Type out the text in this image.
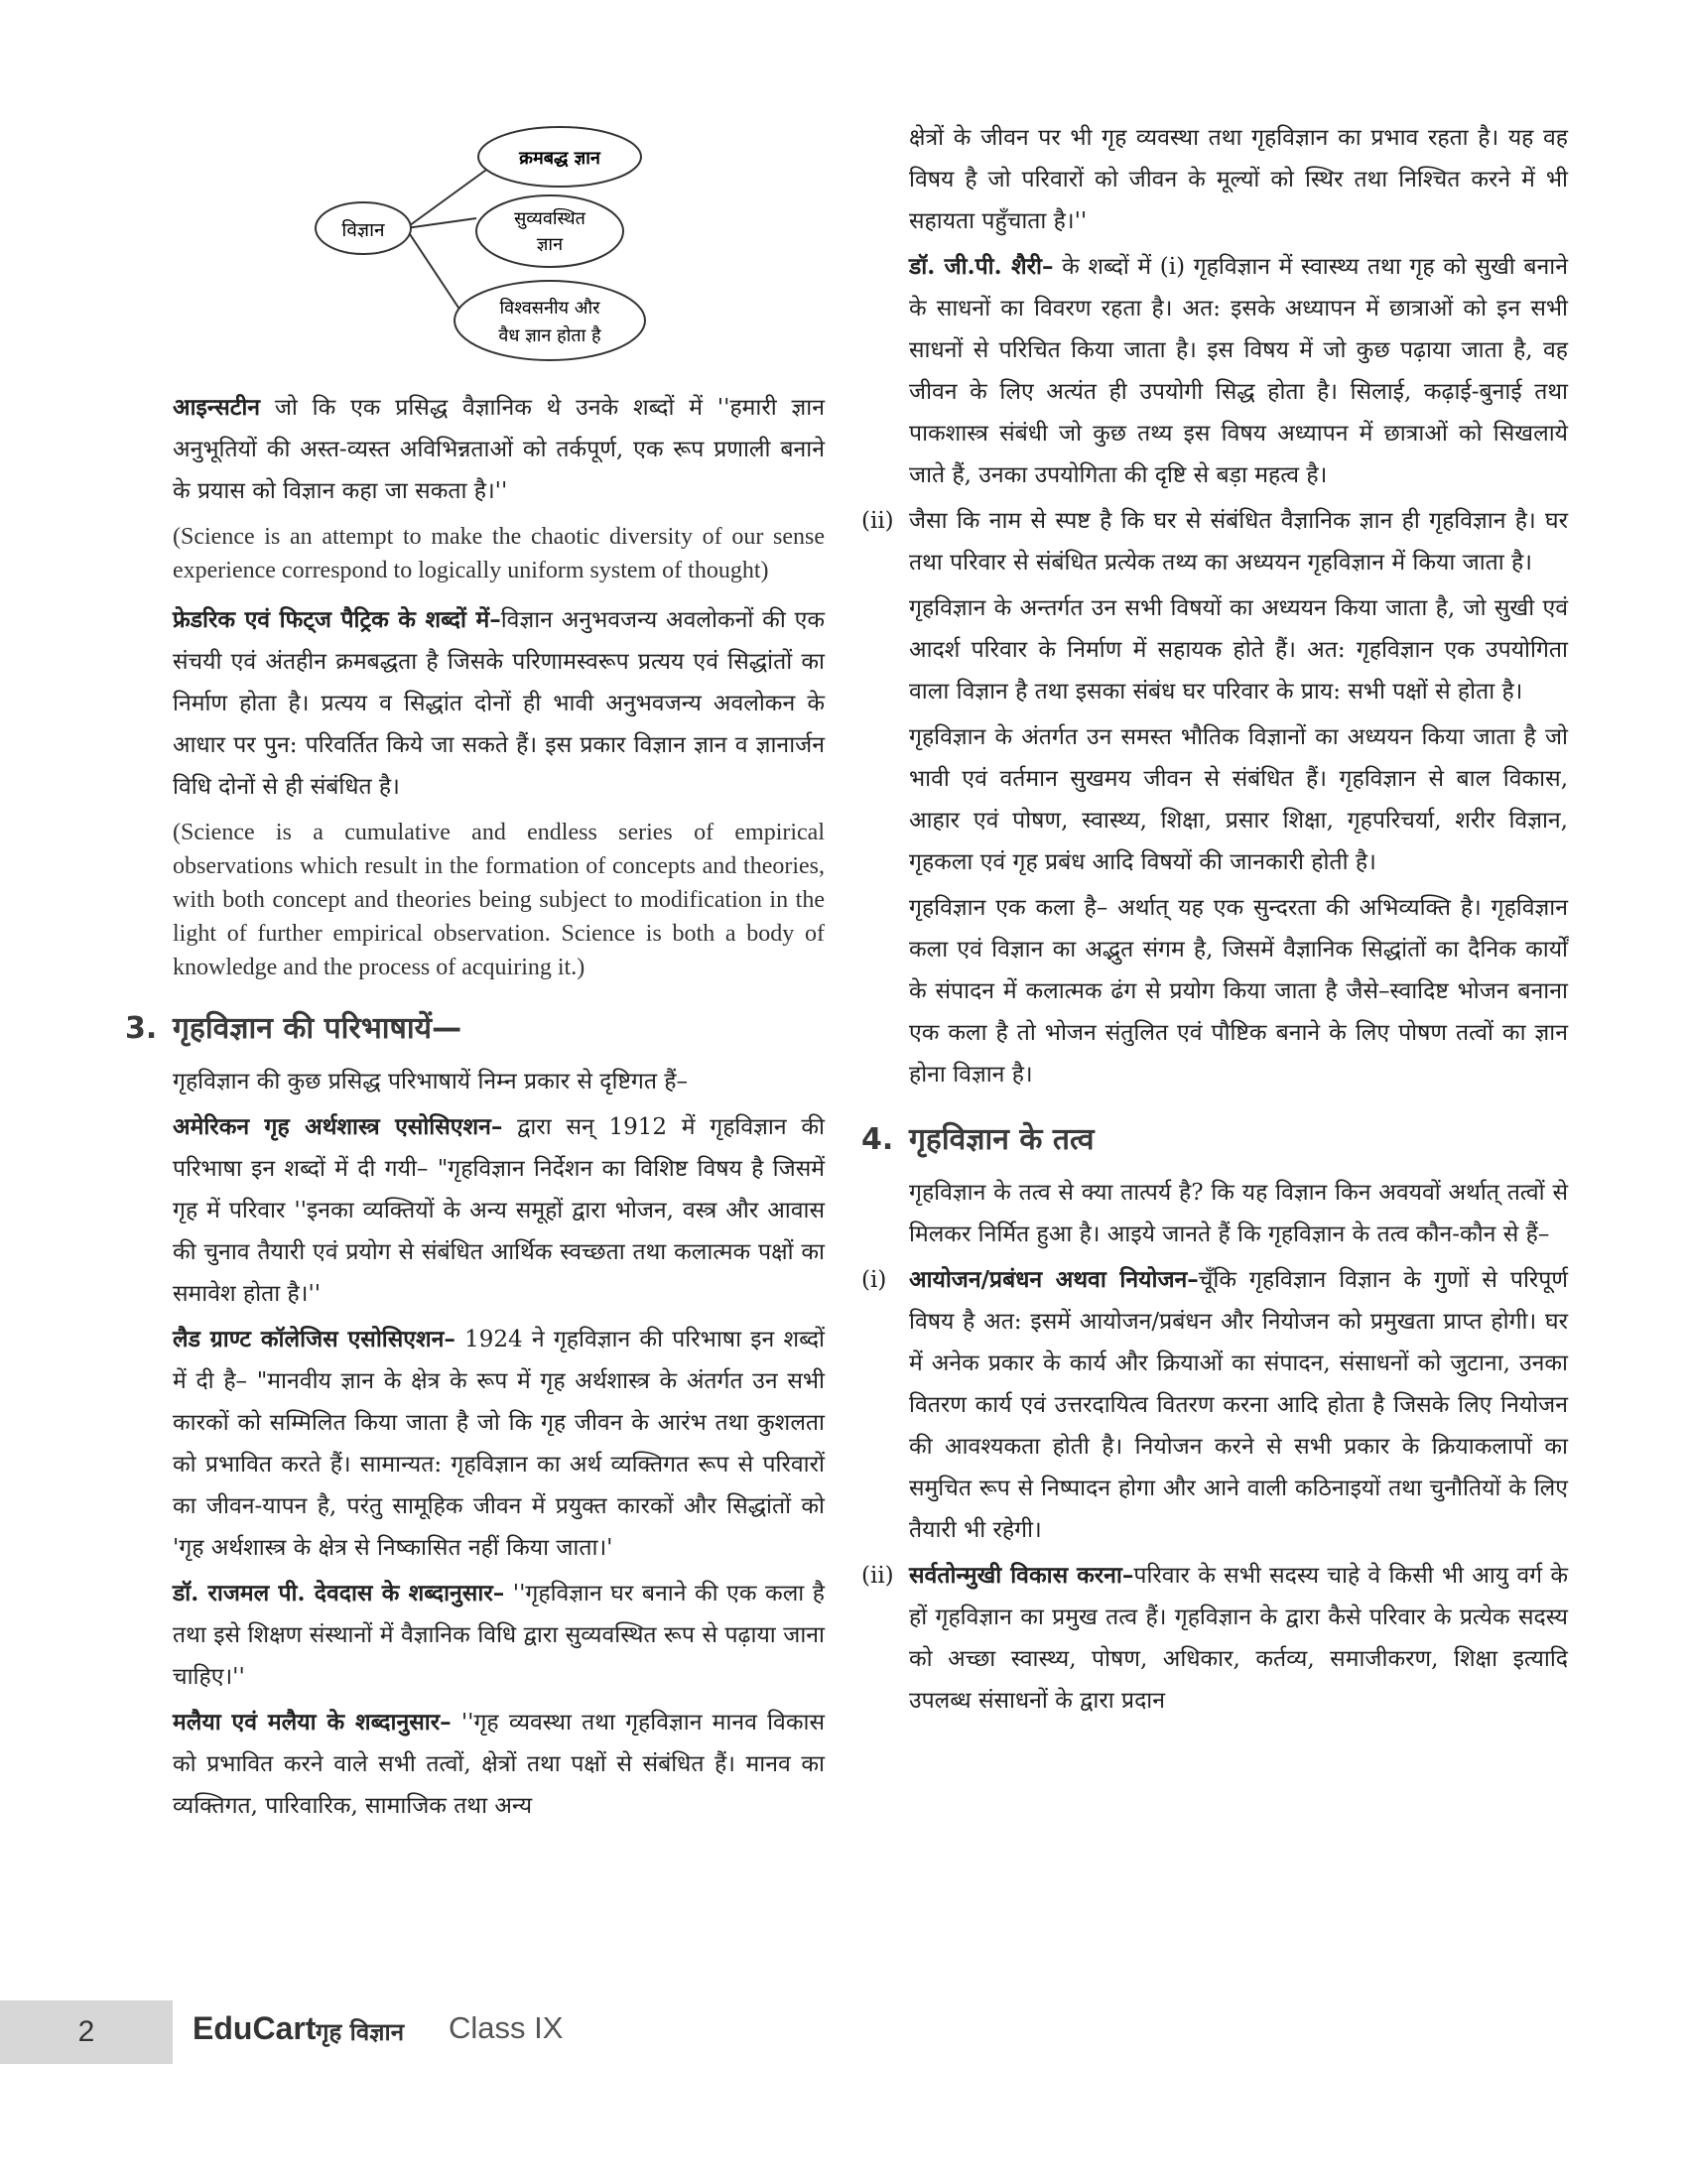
विज्ञान
क्रमबद्ध ज्ञान
सुव्यवस्थित
ज्ञान
विश्वसनीय और
वैध ज्ञान होता है

आइन्सटीन जो कि एक प्रसिद्ध वैज्ञानिक थे उनके शब्दों में ''हमारी ज्ञान अनुभूतियों की अस्त-व्यस्त अविभिन्नताओं को तर्कपूर्ण, एक रूप प्रणाली बनाने के प्रयास को विज्ञान कहा जा सकता है।''

(Science is an attempt to make the chaotic diversity of our sense experience correspond to logically uniform system of thought)

फ्रेडरिक एवं फिट्ज पैट्रिक के शब्दों में–विज्ञान अनुभवजन्य अवलोकनों की एक संचयी एवं अंतहीन क्रमबद्धता है जिसके परिणामस्वरूप प्रत्यय एवं सिद्धांतों का निर्माण होता है। प्रत्यय व सिद्धांत दोनों ही भावी अनुभवजन्य अवलोकन के आधार पर पुन: परिवर्तित किये जा सकते हैं। इस प्रकार विज्ञान ज्ञान व ज्ञानार्जन विधि दोनों से ही संबंधित है।

(Science is a cumulative and endless series of empirical observations which result in the formation of concepts and theories, with both concept and theories being subject to modification in the light of further empirical observation. Science is both a body of knowledge and the process of acquiring it.)

3. गृहविज्ञान की परिभाषायें—

गृहविज्ञान की कुछ प्रसिद्ध परिभाषायें निम्न प्रकार से दृष्टिगत हैं–

अमेरिकन गृह अर्थशास्त्र एसोसिएशन– द्वारा सन् 1912 में गृहविज्ञान की परिभाषा इन शब्दों में दी गयी– "गृहविज्ञान निर्देशन का विशिष्ट विषय है जिसमें गृह में परिवार ''इनका व्यक्तियों के अन्य समूहों द्वारा भोजन, वस्त्र और आवास की चुनाव तैयारी एवं प्रयोग से संबंधित आर्थिक स्वच्छता तथा कलात्मक पक्षों का समावेश होता है।''

लैड ग्राण्ट कॉलेजिस एसोसिएशन– 1924 ने गृहविज्ञान की परिभाषा इन शब्दों में दी है– "मानवीय ज्ञान के क्षेत्र के रूप में गृह अर्थशास्त्र के अंतर्गत उन सभी कारकों को सम्मिलित किया जाता है जो कि गृह जीवन के आरंभ तथा कुशलता को प्रभावित करते हैं। सामान्यत: गृहविज्ञान का अर्थ व्यक्तिगत रूप से परिवारों का जीवन-यापन है, परंतु सामूहिक जीवन में प्रयुक्त कारकों और सिद्धांतों को 'गृह अर्थशास्त्र के क्षेत्र से निष्कासित नहीं किया जाता।'

डॉ. राजमल पी. देवदास के शब्दानुसार– ''गृहविज्ञान घर बनाने की एक कला है तथा इसे शिक्षण संस्थानों में वैज्ञानिक विधि द्वारा सुव्यवस्थित रूप से पढ़ाया जाना चाहिए।''

मलैया एवं मलैया के शब्दानुसार– ''गृह व्यवस्था तथा गृहविज्ञान मानव विकास को प्रभावित करने वाले सभी तत्वों, क्षेत्रों तथा पक्षों से संबंधित हैं। मानव का व्यक्तिगत, पारिवारिक, सामाजिक तथा अन्य

क्षेत्रों के जीवन पर भी गृह व्यवस्था तथा गृहविज्ञान का प्रभाव रहता है। यह वह विषय है जो परिवारों को जीवन के मूल्यों को स्थिर तथा निश्चित करने में भी सहायता पहुँचाता है।''

डॉ. जी.पी. शैरी– के शब्दों में (i) गृहविज्ञान में स्वास्थ्य तथा गृह को सुखी बनाने के साधनों का विवरण रहता है। अत: इसके अध्यापन में छात्राओं को इन सभी साधनों से परिचित किया जाता है। इस विषय में जो कुछ पढ़ाया जाता है, वह जीवन के लिए अत्यंत ही उपयोगी सिद्ध होता है। सिलाई, कढ़ाई-बुनाई तथा पाकशास्त्र संबंधी जो कुछ तथ्य इस विषय अध्यापन में छात्राओं को सिखलाये जाते हैं, उनका उपयोगिता की दृष्टि से बड़ा महत्व है।

(ii) जैसा कि नाम से स्पष्ट है कि घर से संबंधित वैज्ञानिक ज्ञान ही गृहविज्ञान है। घर तथा परिवार से संबंधित प्रत्येक तथ्य का अध्ययन गृहविज्ञान में किया जाता है।

गृहविज्ञान के अन्तर्गत उन सभी विषयों का अध्ययन किया जाता है, जो सुखी एवं आदर्श परिवार के निर्माण में सहायक होते हैं। अत: गृहविज्ञान एक उपयोगिता वाला विज्ञान है तथा इसका संबंध घर परिवार के प्राय: सभी पक्षों से होता है।

गृहविज्ञान के अंतर्गत उन समस्त भौतिक विज्ञानों का अध्ययन किया जाता है जो भावी एवं वर्तमान सुखमय जीवन से संबंधित हैं। गृहविज्ञान से बाल विकास, आहार एवं पोषण, स्वास्थ्य, शिक्षा, प्रसार शिक्षा, गृहपरिचर्या, शरीर विज्ञान, गृहकला एवं गृह प्रबंध आदि विषयों की जानकारी होती है।

गृहविज्ञान एक कला है– अर्थात् यह एक सुन्दरता की अभिव्यक्ति है। गृहविज्ञान कला एवं विज्ञान का अद्भुत संगम है, जिसमें वैज्ञानिक सिद्धांतों का दैनिक कार्यों के संपादन में कलात्मक ढंग से प्रयोग किया जाता है जैसे–स्वादिष्ट भोजन बनाना एक कला है तो भोजन संतुलित एवं पौष्टिक बनाने के लिए पोषण तत्वों का ज्ञान होना विज्ञान है।

4. गृहविज्ञान के तत्व

गृहविज्ञान के तत्व से क्या तात्पर्य है? कि यह विज्ञान किन अवयवों अर्थात् तत्वों से मिलकर निर्मित हुआ है। आइये जानते हैं कि गृहविज्ञान के तत्व कौन-कौन से हैं–

(i) आयोजन/प्रबंधन अथवा नियोजन–चूँकि गृहविज्ञान विज्ञान के गुणों से परिपूर्ण विषय है अत: इसमें आयोजन/प्रबंधन और नियोजन को प्रमुखता प्राप्त होगी। घर में अनेक प्रकार के कार्य और क्रियाओं का संपादन, संसाधनों को जुटाना, उनका वितरण कार्य एवं उत्तरदायित्व वितरण करना आदि होता है जिसके लिए नियोजन की आवश्यकता होती है। नियोजन करने से सभी प्रकार के क्रियाकलापों का समुचित रूप से निष्पादन होगा और आने वाली कठिनाइयों तथा चुनौतियों के लिए तैयारी भी रहेगी।

(ii) सर्वतोन्मुखी विकास करना–परिवार के सभी सदस्य चाहे वे किसी भी आयु वर्ग के हों गृहविज्ञान का प्रमुख तत्व हैं। गृहविज्ञान के द्वारा कैसे परिवार के प्रत्येक सदस्य को अच्छा स्वास्थ्य, पोषण, अधिकार, कर्तव्य, समाजीकरण, शिक्षा इत्यादि उपलब्ध संसाधनों के द्वारा प्रदान

2	EduCart गृह विज्ञान Class IX
